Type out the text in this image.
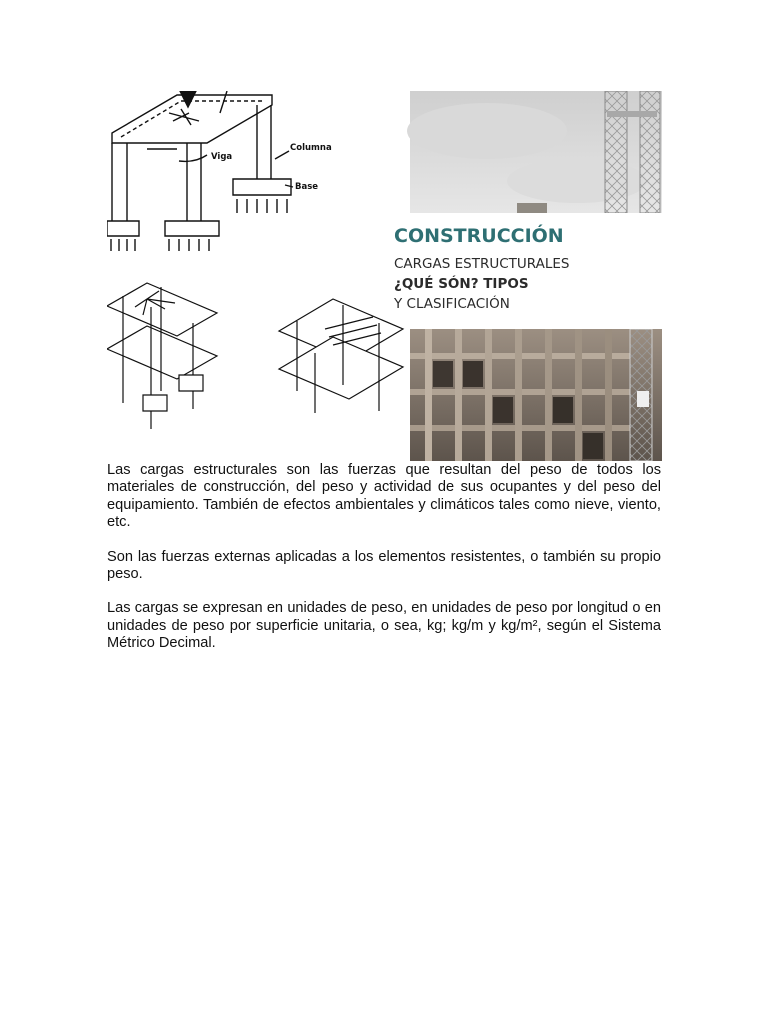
CONSTRUCCIÓN
CARGAS ESTRUCTURALES
¿QUÉ SÓN? TIPOS
Y CLASIFICACIÓN
Columna
Viga
Base

Las cargas estructurales son las fuerzas que resultan del peso de todos los materiales de construcción, del peso y actividad de sus ocupantes y del peso del equipamiento. También de efectos ambientales y climáticos tales como nieve, viento, etc.

Son las fuerzas externas aplicadas a los elementos resistentes, o también su propio peso.

Las cargas se expresan en unidades de peso, en unidades de peso por longitud o en unidades de peso por superficie unitaria, o sea, kg; kg/m y kg/m², según el Sistema Métrico Decimal.
